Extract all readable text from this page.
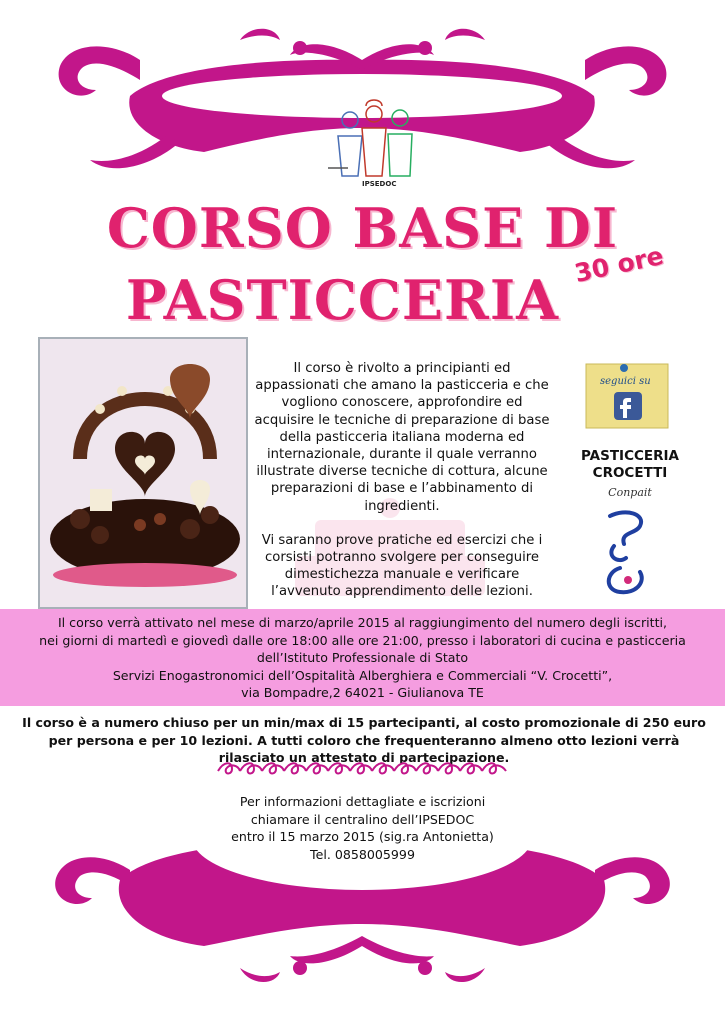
IPSEDOC
CORSO BASE DI
PASTICCERIA
30 ore

Il corso è rivolto a principianti ed appassionati che amano la pasticceria e che vogliono conoscere, approfondire ed acquisire le tecniche di preparazione di base della pasticceria italiana moderna ed internazionale, durante il quale verranno illustrate diverse tecniche di cottura, alcune preparazioni di base e l’abbinamento di ingredienti.

Vi saranno prove pratiche ed esercizi che i corsisti potranno svolgere per conseguire dimestichezza manuale e verificare l’avvenuto apprendimento delle lezioni.

seguici su
PASTICCERIA
CROCETTI
Conpait
Il corso verrà attivato nel mese di marzo/aprile 2015 al raggiungimento del numero degli iscritti,
nei giorni di martedì e giovedì dalle ore 18:00 alle ore 21:00, presso i laboratori di cucina e pasticceria
dell’Istituto Professionale di Stato
Servizi Enogastronomici dell’Ospitalità Alberghiera e Commerciali “V. Crocetti”,
via Bompadre,2 64021 - Giulianova TE
Il corso è a numero chiuso per un min/max di 15 partecipanti, al costo promozionale di 250 euro per persona e per 10 lezioni. A tutti coloro che frequenteranno almeno otto lezioni verrà rilasciato un attestato di partecipazione.
Per informazioni dettagliate e iscrizioni
chiamare il centralino dell’IPSEDOC
entro il 15 marzo 2015 (sig.ra Antonietta)
Tel. 0858005999
